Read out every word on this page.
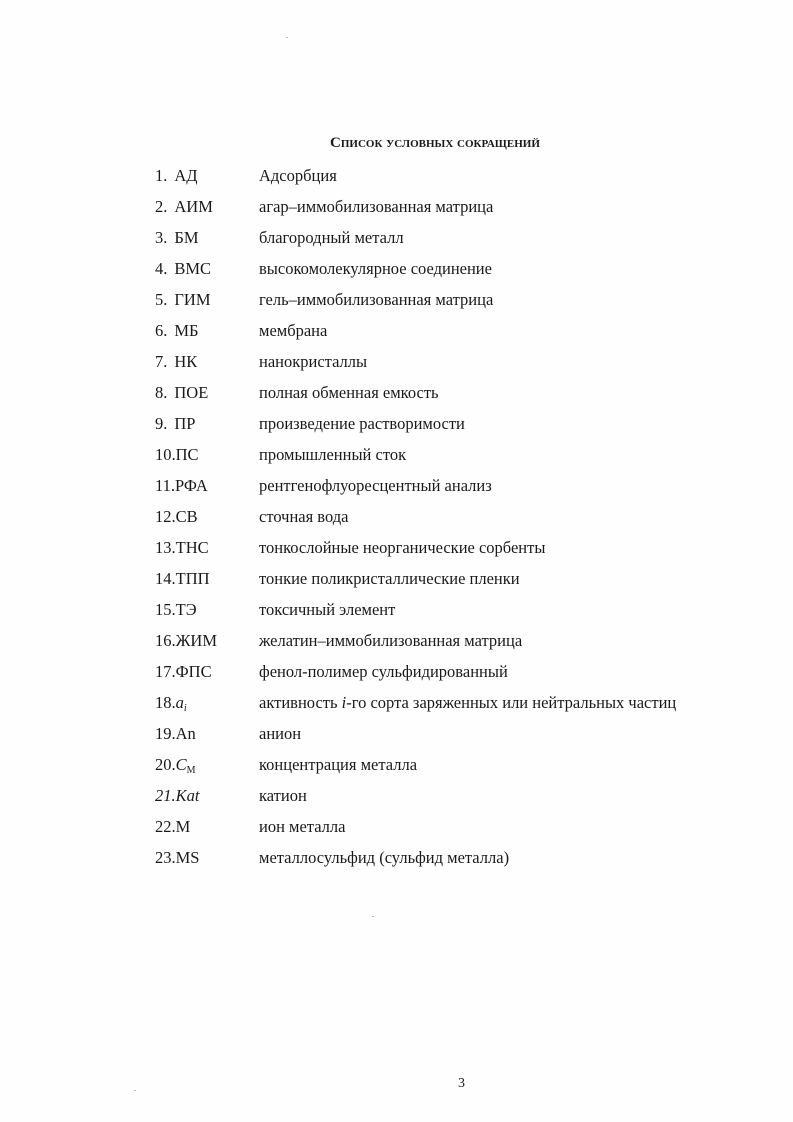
Список условных сокращений
1. АД	Адсорбция
2. АИМ	агар–иммобилизованная матрица
3. БМ	благородный металл
4. ВМС	высокомолекулярное соединение
5. ГИМ	гель–иммобилизованная матрица
6. МБ	мембрана
7. НК	нанокристаллы
8. ПОЕ	полная обменная емкость
9. ПР	произведение растворимости
10.ПС	промышленный сток
11.РФА	рентгенофлуоресцентный анализ
12.СВ	сточная вода
13.ТНС	тонкослойные неорганические сорбенты
14.ТПП	тонкие поликристаллические пленки
15.ТЭ	токсичный элемент
16.ЖИМ	желатин–иммобилизованная матрица
17.ФПС	фенол-полимер сульфидированный
$18.a_i$	активность i-го сорта заряженных или нейтральных частиц
19.An	анион
$20.C_M$	концентрация металла
21.Kat	катион
22.M	ион металла
23.MS	металлосульфид (сульфид металла)
3
